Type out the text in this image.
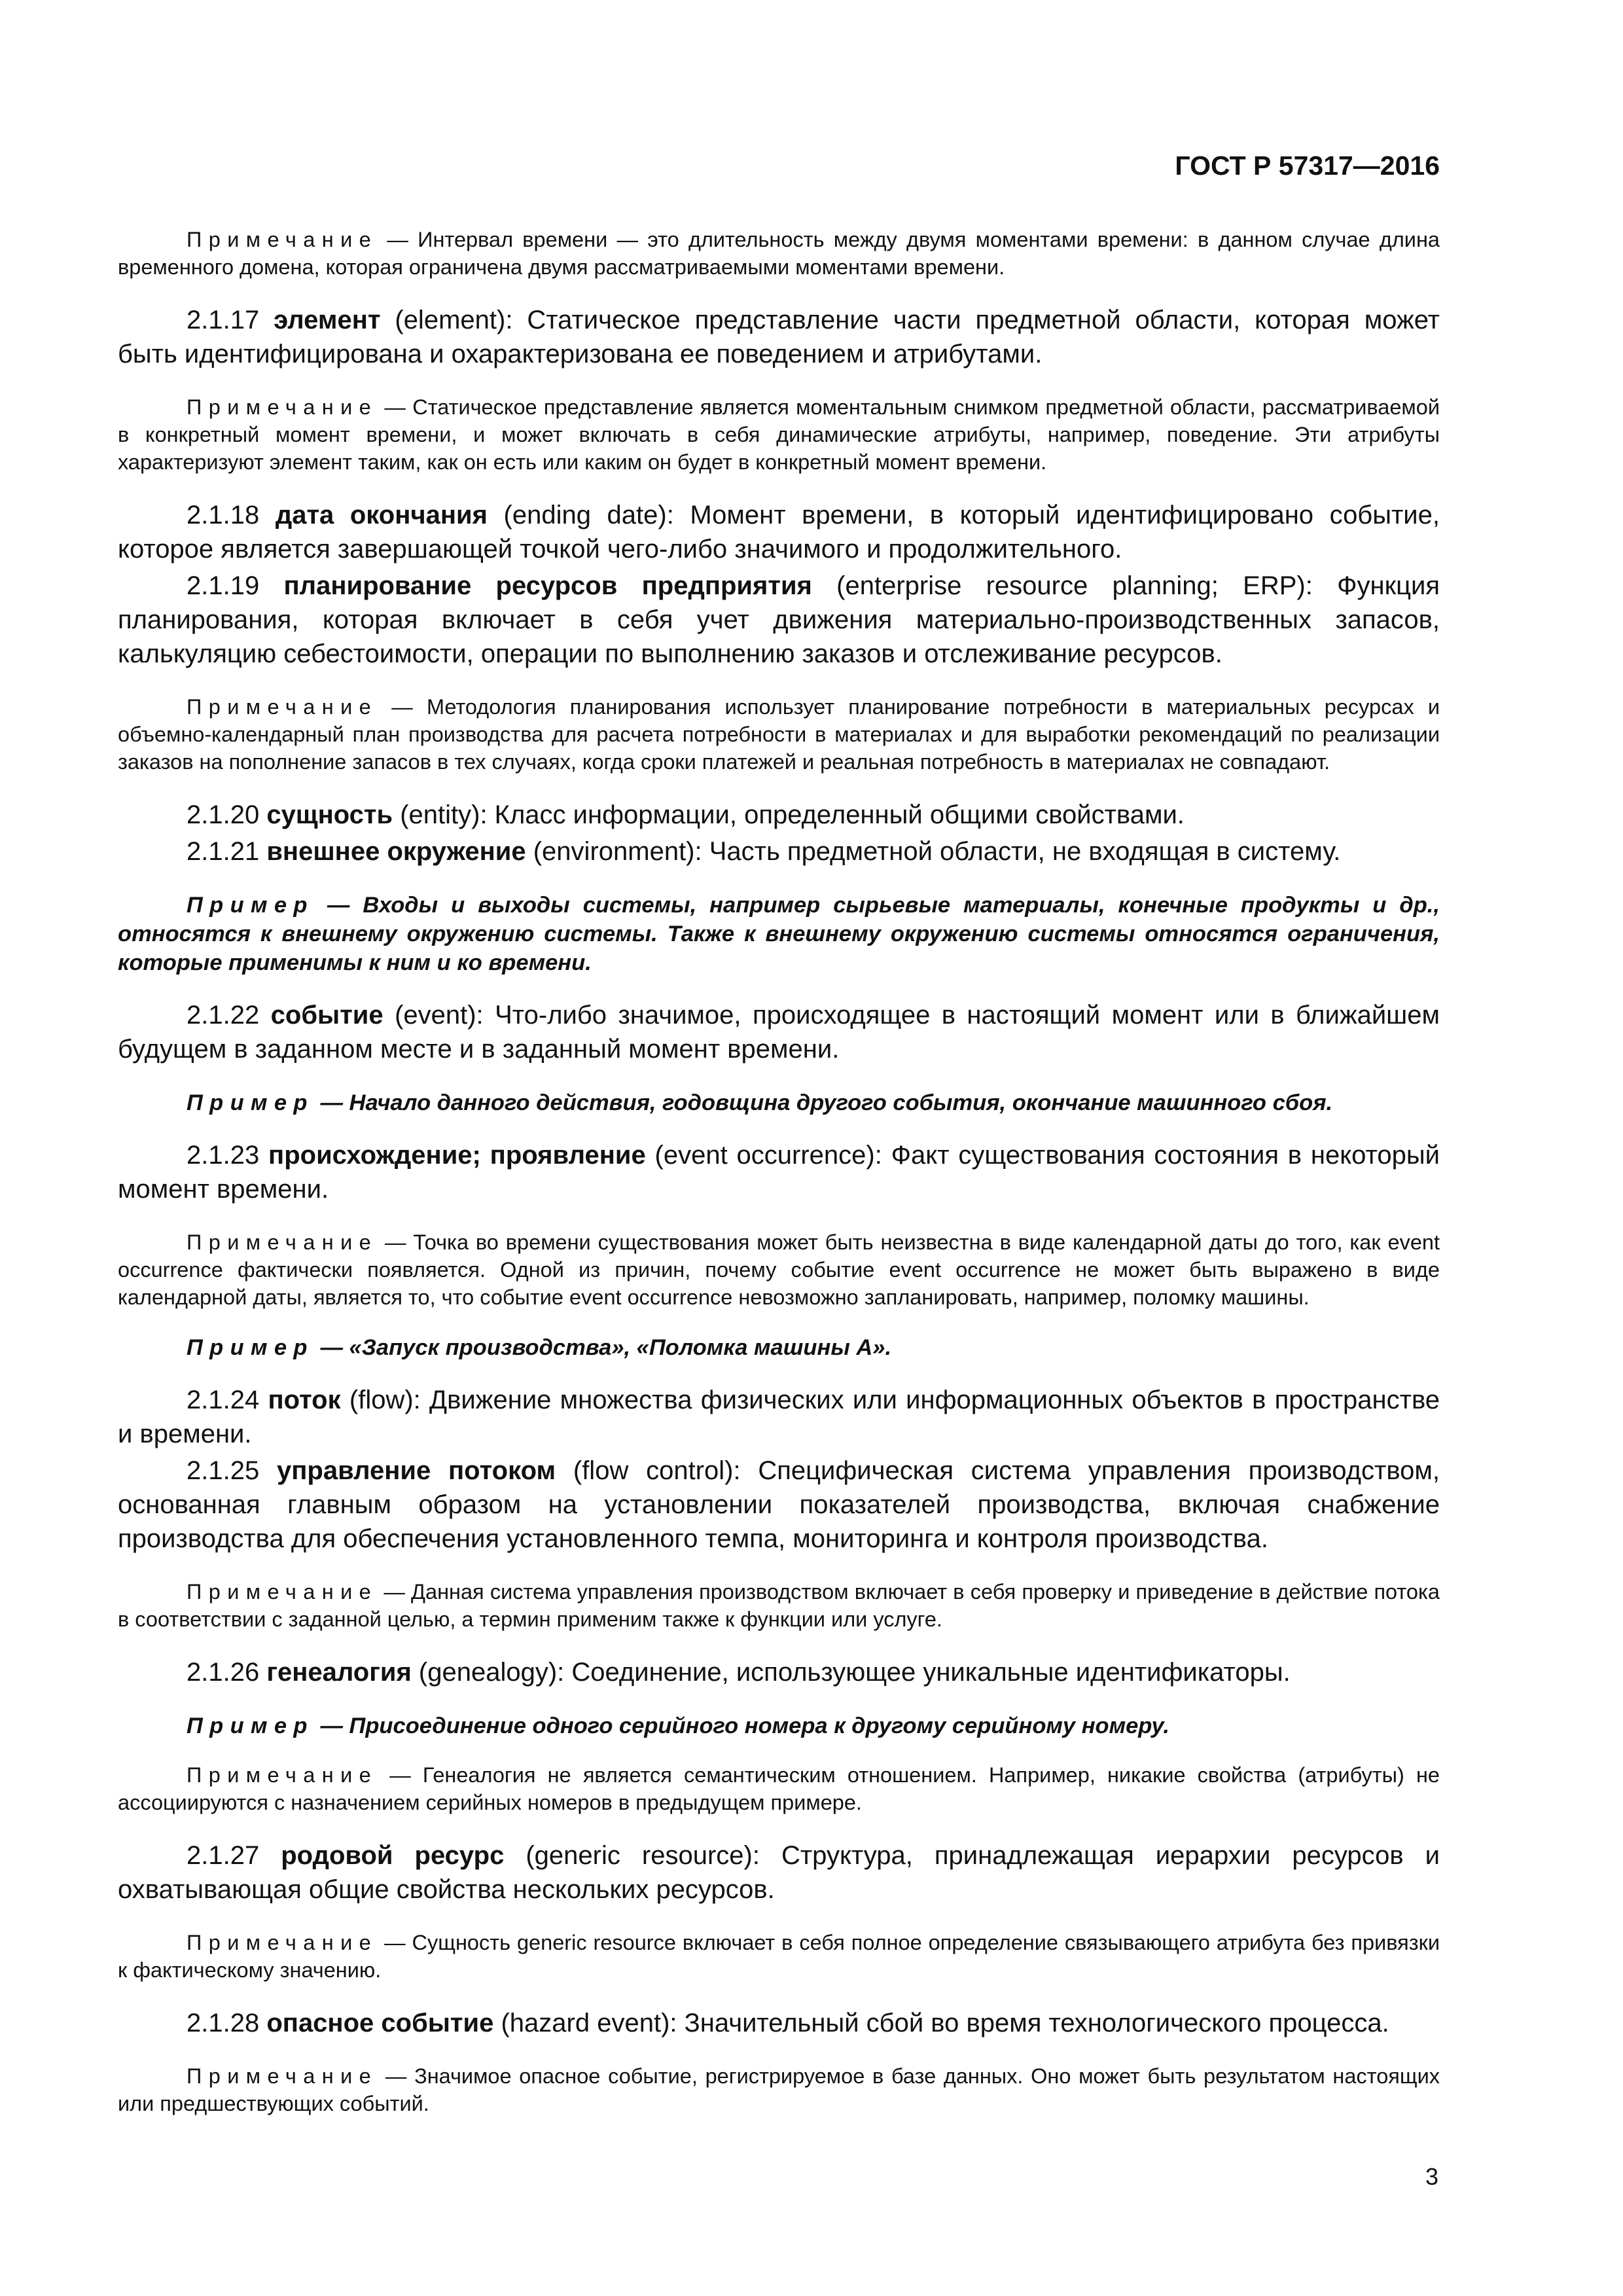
ГОСТ Р 57317—2016

Примечание — Интервал времени — это длительность между двумя моментами времени: в данном случае длина временного домена, которая ограничена двумя рассматриваемыми моментами времени.

2.1.17 элемент (element): Статическое представление части предметной области, которая может быть идентифицирована и охарактеризована ее поведением и атрибутами.

Примечание — Статическое представление является моментальным снимком предметной области, рассматриваемой в конкретный момент времени, и может включать в себя динамические атрибуты, например, поведение. Эти атрибуты характеризуют элемент таким, как он есть или каким он будет в конкретный момент времени.

2.1.18 дата окончания (ending date): Момент времени, в который идентифицировано событие, которое является завершающей точкой чего-либо значимого и продолжительного.

2.1.19 планирование ресурсов предприятия (enterprise resource planning; ERP): Функция планирования, которая включает в себя учет движения материально-производственных запасов, калькуляцию себестоимости, операции по выполнению заказов и отслеживание ресурсов.

Примечание — Методология планирования использует планирование потребности в материальных ресурсах и объемно-календарный план производства для расчета потребности в материалах и для выработки рекомендаций по реализации заказов на пополнение запасов в тех случаях, когда сроки платежей и реальная потребность в материалах не совпадают.

2.1.20 сущность (entity): Класс информации, определенный общими свойствами.

2.1.21 внешнее окружение (environment): Часть предметной области, не входящая в систему.

Пример — Входы и выходы системы, например сырьевые материалы, конечные продукты и др., относятся к внешнему окружению системы. Также к внешнему окружению системы относятся ограничения, которые применимы к ним и ко времени.

2.1.22 событие (event): Что-либо значимое, происходящее в настоящий момент или в ближайшем будущем в заданном месте и в заданный момент времени.

Пример — Начало данного действия, годовщина другого события, окончание машинного сбоя.

2.1.23 происхождение; проявление (event occurrence): Факт существования состояния в некоторый момент времени.

Примечание — Точка во времени существования может быть неизвестна в виде календарной даты до того, как event occurrence фактически появляется. Одной из причин, почему событие event occurrence не может быть выражено в виде календарной даты, является то, что событие event occurrence невозможно запланировать, например, поломку машины.

Пример — «Запуск производства», «Поломка машины А».

2.1.24 поток (flow): Движение множества физических или информационных объектов в пространстве и времени.

2.1.25 управление потоком (flow control): Специфическая система управления производством, основанная главным образом на установлении показателей производства, включая снабжение производства для обеспечения установленного темпа, мониторинга и контроля производства.

Примечание — Данная система управления производством включает в себя проверку и приведение в действие потока в соответствии с заданной целью, а термин применим также к функции или услуге.

2.1.26 генеалогия (genealogy): Соединение, использующее уникальные идентификаторы.

Пример — Присоединение одного серийного номера к другому серийному номеру.

Примечание — Генеалогия не является семантическим отношением. Например, никакие свойства (атрибуты) не ассоциируются с назначением серийных номеров в предыдущем примере.

2.1.27 родовой ресурс (generic resource): Структура, принадлежащая иерархии ресурсов и охватывающая общие свойства нескольких ресурсов.

Примечание — Сущность generic resource включает в себя полное определение связывающего атрибута без привязки к фактическому значению.

2.1.28 опасное событие (hazard event): Значительный сбой во время технологического процесса.

Примечание — Значимое опасное событие, регистрируемое в базе данных. Оно может быть результатом настоящих или предшествующих событий.

3
